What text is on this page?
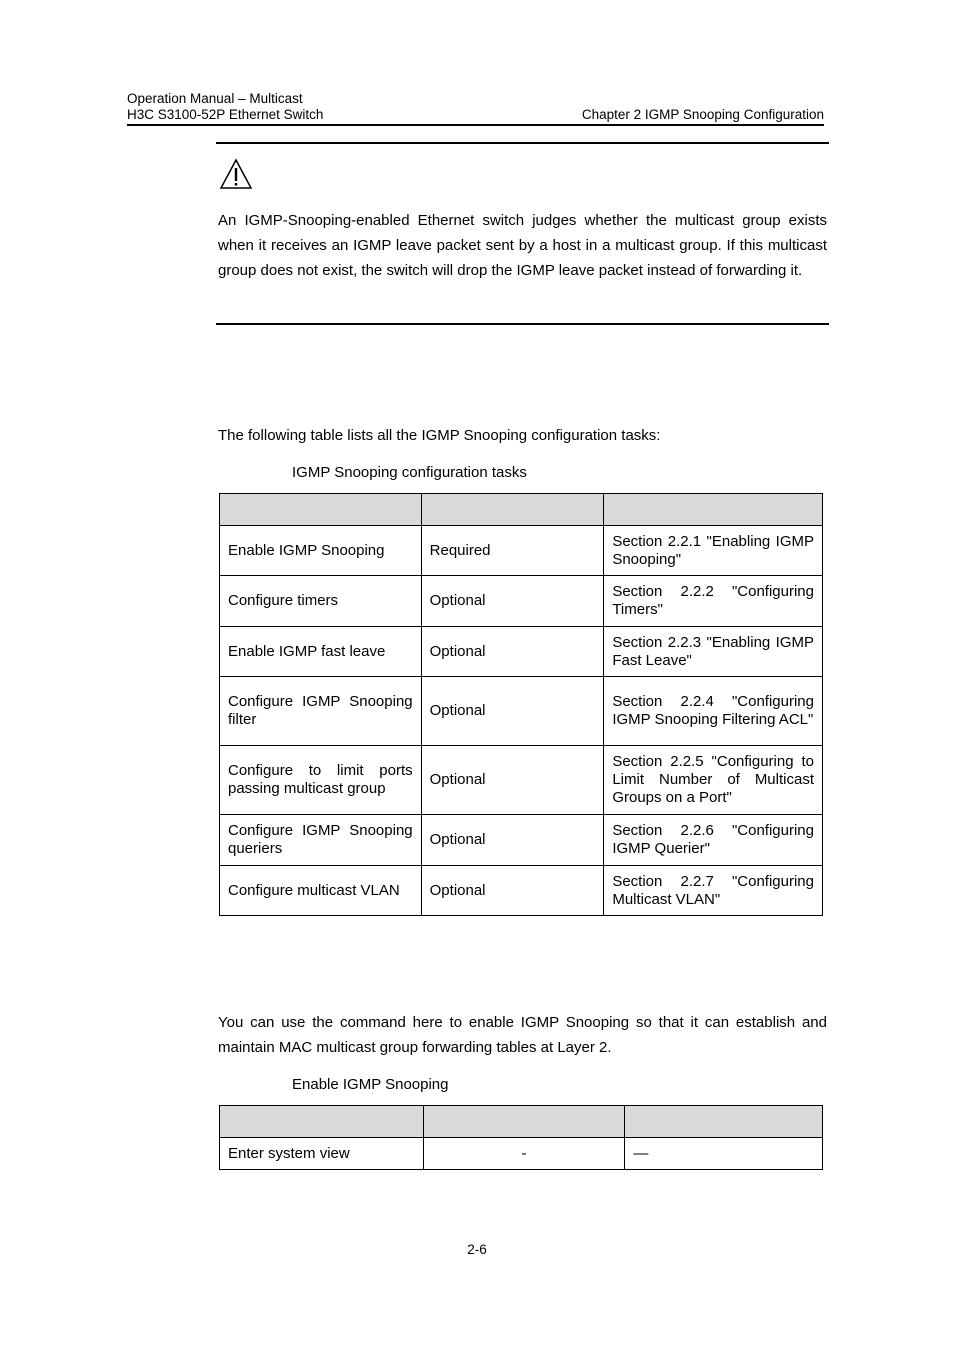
Operation Manual – Multicast
H3C S3100-52P Ethernet Switch	Chapter 2 IGMP Snooping Configuration
An IGMP-Snooping-enabled Ethernet switch judges whether the multicast group exists when it receives an IGMP leave packet sent by a host in a multicast group. If this multicast group does not exist, the switch will drop the IGMP leave packet instead of forwarding it.
The following table lists all the IGMP Snooping configuration tasks:
IGMP Snooping configuration tasks

Enable IGMP Snooping	Required	Section 2.2.1 "Enabling IGMP Snooping"
Configure timers	Optional	Section 2.2.2 "Configuring Timers"
Enable IGMP fast leave	Optional	Section 2.2.3 "Enabling IGMP Fast Leave"
Configure IGMP Snooping filter	Optional	Section 2.2.4 "Configuring IGMP Snooping Filtering ACL"
Configure to limit ports passing multicast group	Optional	Section 2.2.5 "Configuring to Limit Number of Multicast Groups on a Port"
Configure IGMP Snooping queriers	Optional	Section 2.2.6 "Configuring IGMP Querier"
Configure multicast VLAN	Optional	Section 2.2.7 "Configuring Multicast VLAN"
You can use the command here to enable IGMP Snooping so that it can establish and maintain MAC multicast group forwarding tables at Layer 2.
Enable IGMP Snooping

Enter system view	-	—
2-6
